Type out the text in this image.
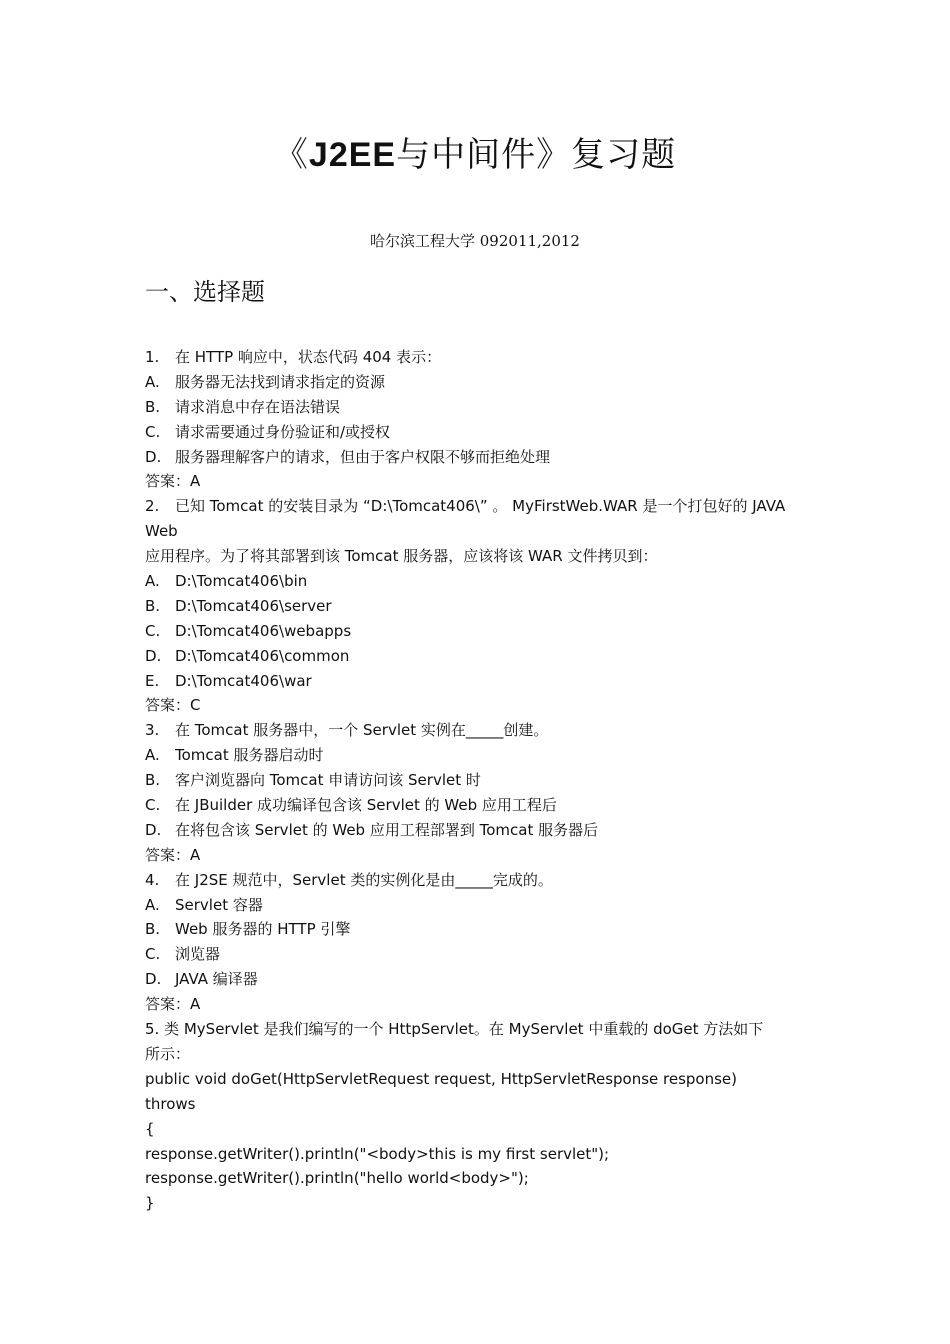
《J2EE与中间件》复习题
哈尔滨工程大学 092011,2012
一、选择题
1. 在 HTTP 响应中，状态代码 404 表示：
A. 服务器无法找到请求指定的资源
B. 请求消息中存在语法错误
C. 请求需要通过身份验证和/或授权
D. 服务器理解客户的请求，但由于客户权限不够而拒绝处理
答案：A
2. 已知 Tomcat 的安装目录为 “D:\Tomcat406\” 。 MyFirstWeb.WAR 是一个打包好的 JAVA
Web
应用程序。为了将其部署到该 Tomcat 服务器，应该将该 WAR 文件拷贝到：
A. D:\Tomcat406\bin
B. D:\Tomcat406\server
C. D:\Tomcat406\webapps
D. D:\Tomcat406\common
E. D:\Tomcat406\war
答案：C
3. 在 Tomcat 服务器中，一个 Servlet 实例在_____创建。
A. Tomcat 服务器启动时
B. 客户浏览器向 Tomcat 申请访问该 Servlet 时
C. 在 JBuilder 成功编译包含该 Servlet 的 Web 应用工程后
D. 在将包含该 Servlet 的 Web 应用工程部署到 Tomcat 服务器后
答案：A
4. 在 J2SE 规范中，Servlet 类的实例化是由_____完成的。
A. Servlet 容器
B. Web 服务器的 HTTP 引擎
C. 浏览器
D. JAVA 编译器
答案：A
5. 类 MyServlet 是我们编写的一个 HttpServlet。在 MyServlet 中重载的 doGet 方法如下
所示：
public void doGet(HttpServletRequest request, HttpServletResponse response)
throws
{
response.getWriter().println("<body>this is my first servlet");
response.getWriter().println("hello world<body>");
}
